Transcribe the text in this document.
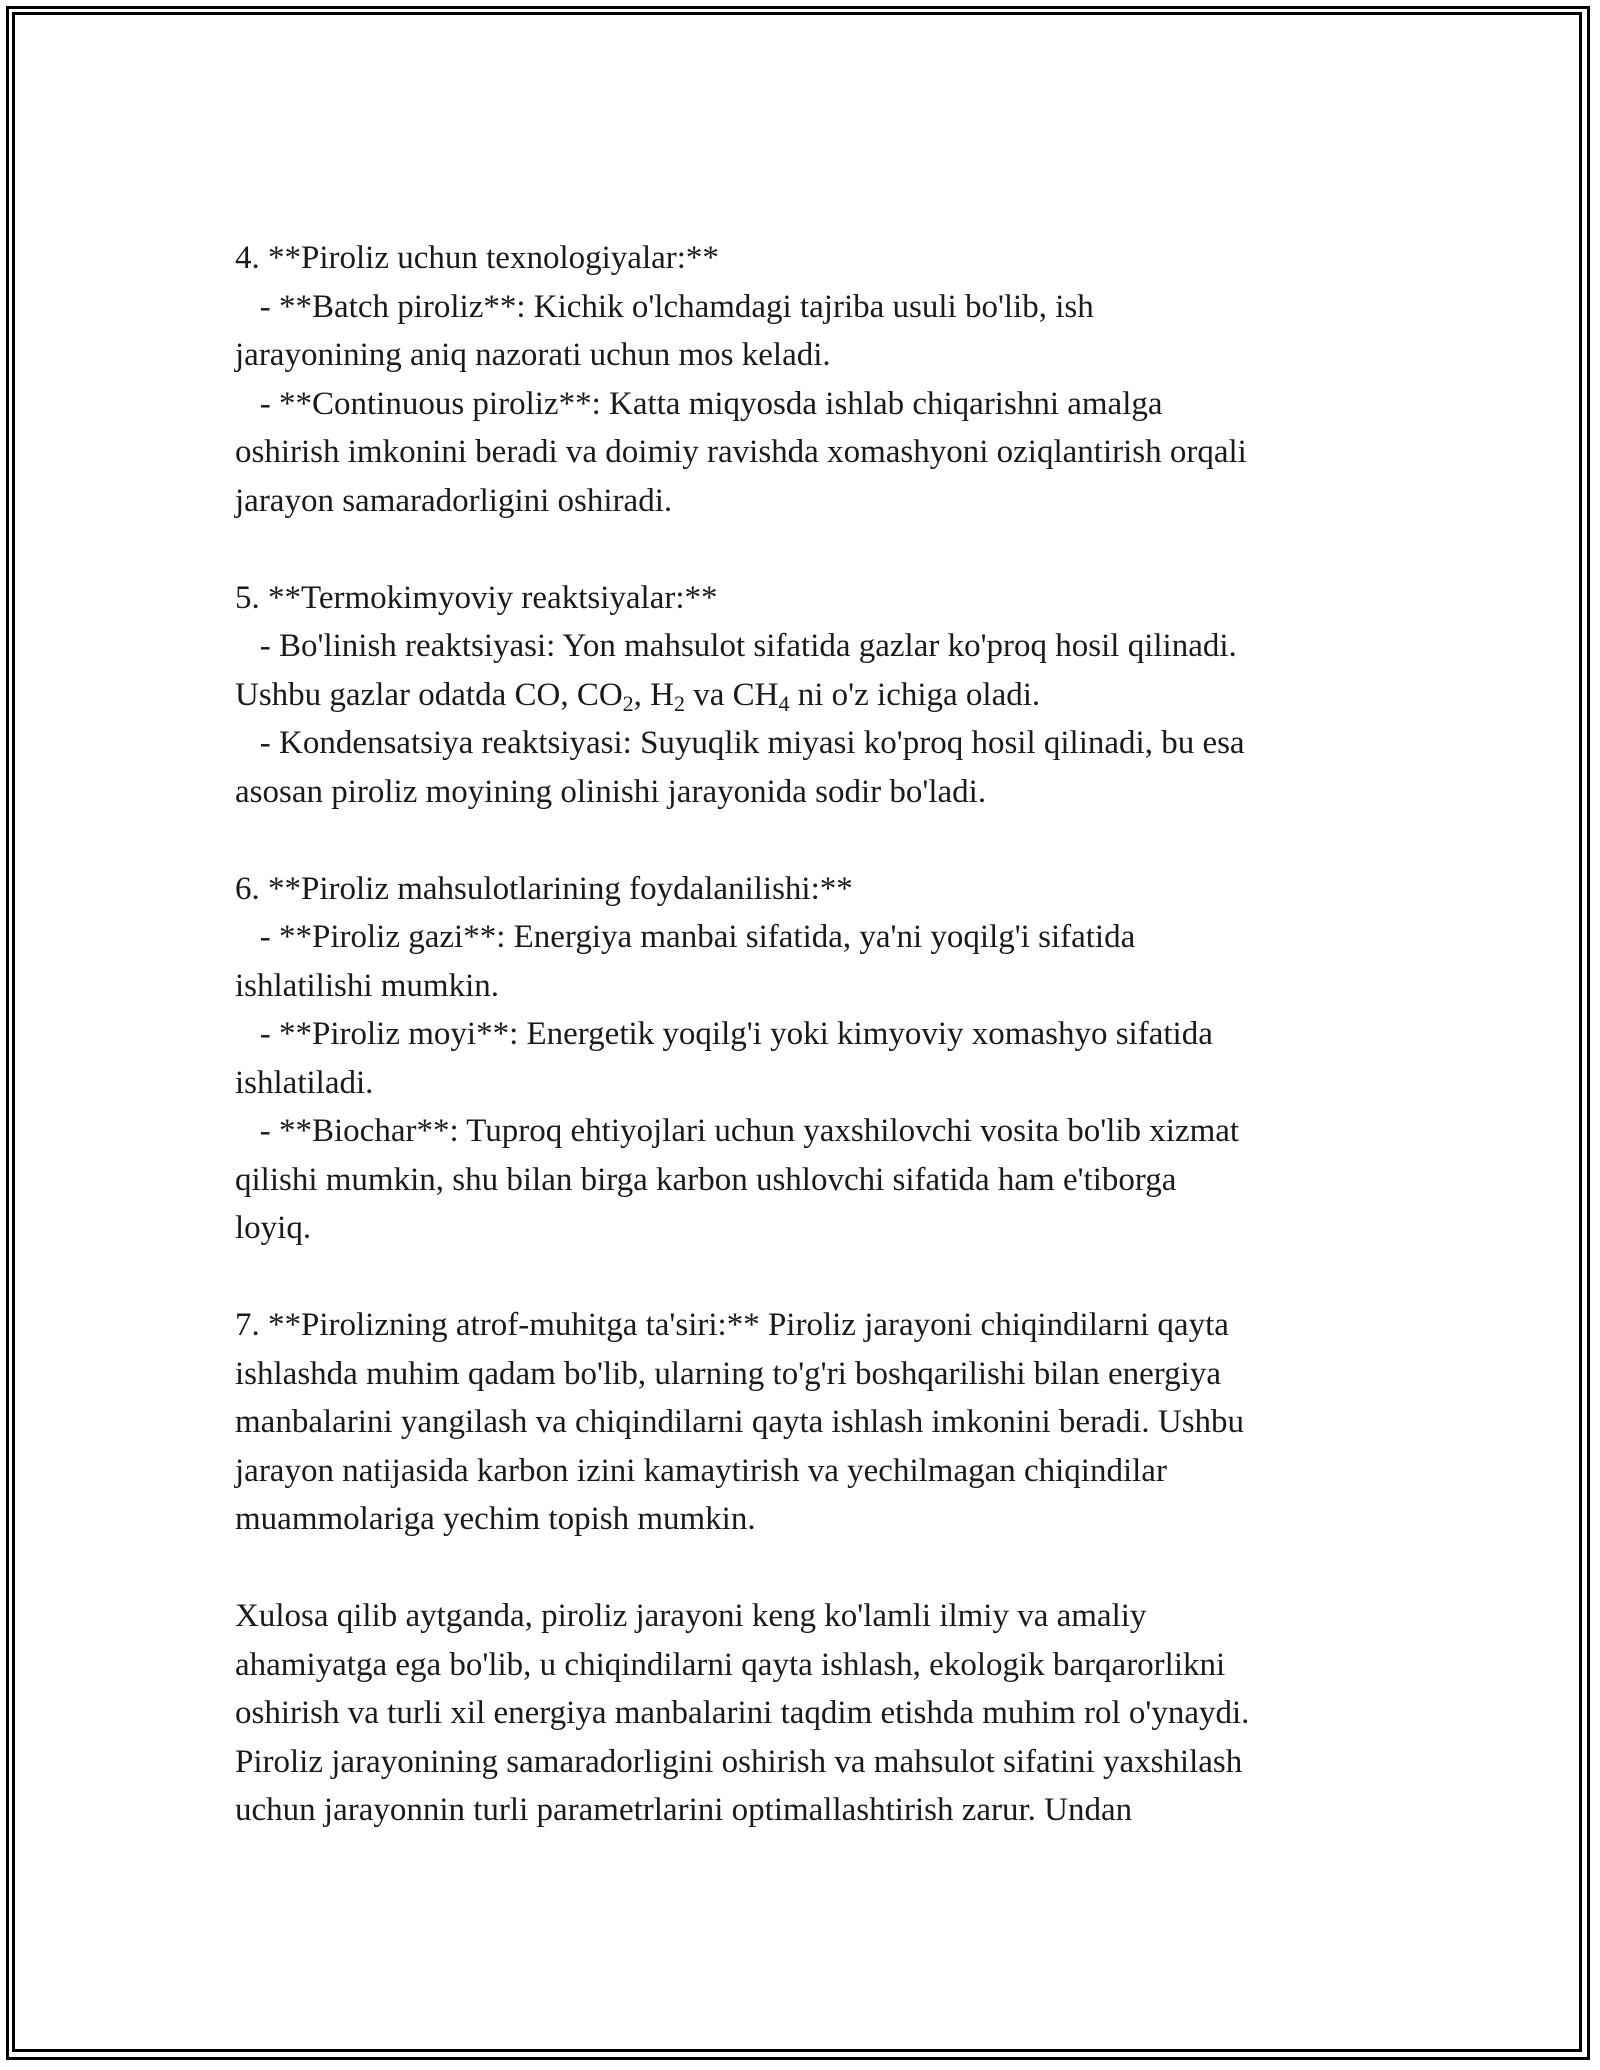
4. **Piroliz uchun texnologiyalar:**
- **Batch piroliz**: Kichik o'lchamdagi tajriba usuli bo'lib, ish
jarayonining aniq nazorati uchun mos keladi.
- **Continuous piroliz**: Katta miqyosda ishlab chiqarishni amalga
oshirish imkonini beradi va doimiy ravishda xomashyoni oziqlantirish orqali
jarayon samaradorligini oshiradi.
5. **Termokimyoviy reaktsiyalar:**
- Bo'linish reaktsiyasi: Yon mahsulot sifatida gazlar ko'proq hosil qilinadi.
Ushbu gazlar odatda CO, $CO_2$, $H_2$ va $CH_4$ ni o'z ichiga oladi.
- Kondensatsiya reaktsiyasi: Suyuqlik miyasi ko'proq hosil qilinadi, bu esa
asosan piroliz moyining olinishi jarayonida sodir bo'ladi.
6. **Piroliz mahsulotlarining foydalanilishi:**
- **Piroliz gazi**: Energiya manbai sifatida, ya'ni yoqilg'i sifatida
ishlatilishi mumkin.
- **Piroliz moyi**: Energetik yoqilg'i yoki kimyoviy xomashyo sifatida
ishlatiladi.
- **Biochar**: Tuproq ehtiyojlari uchun yaxshilovchi vosita bo'lib xizmat
qilishi mumkin, shu bilan birga karbon ushlovchi sifatida ham e'tiborga
loyiq.
7. **Pirolizning atrof-muhitga ta'siri:** Piroliz jarayoni chiqindilarni qayta
ishlashda muhim qadam bo'lib, ularning to'g'ri boshqarilishi bilan energiya
manbalarini yangilash va chiqindilarni qayta ishlash imkonini beradi. Ushbu
jarayon natijasida karbon izini kamaytirish va yechilmagan chiqindilar
muammolariga yechim topish mumkin.
Xulosa qilib aytganda, piroliz jarayoni keng ko'lamli ilmiy va amaliy
ahamiyatga ega bo'lib, u chiqindilarni qayta ishlash, ekologik barqarorlikni
oshirish va turli xil energiya manbalarini taqdim etishda muhim rol o'ynaydi.
Piroliz jarayonining samaradorligini oshirish va mahsulot sifatini yaxshilash
uchun jarayonnin turli parametrlarini optimallashtirish zarur. Undan
